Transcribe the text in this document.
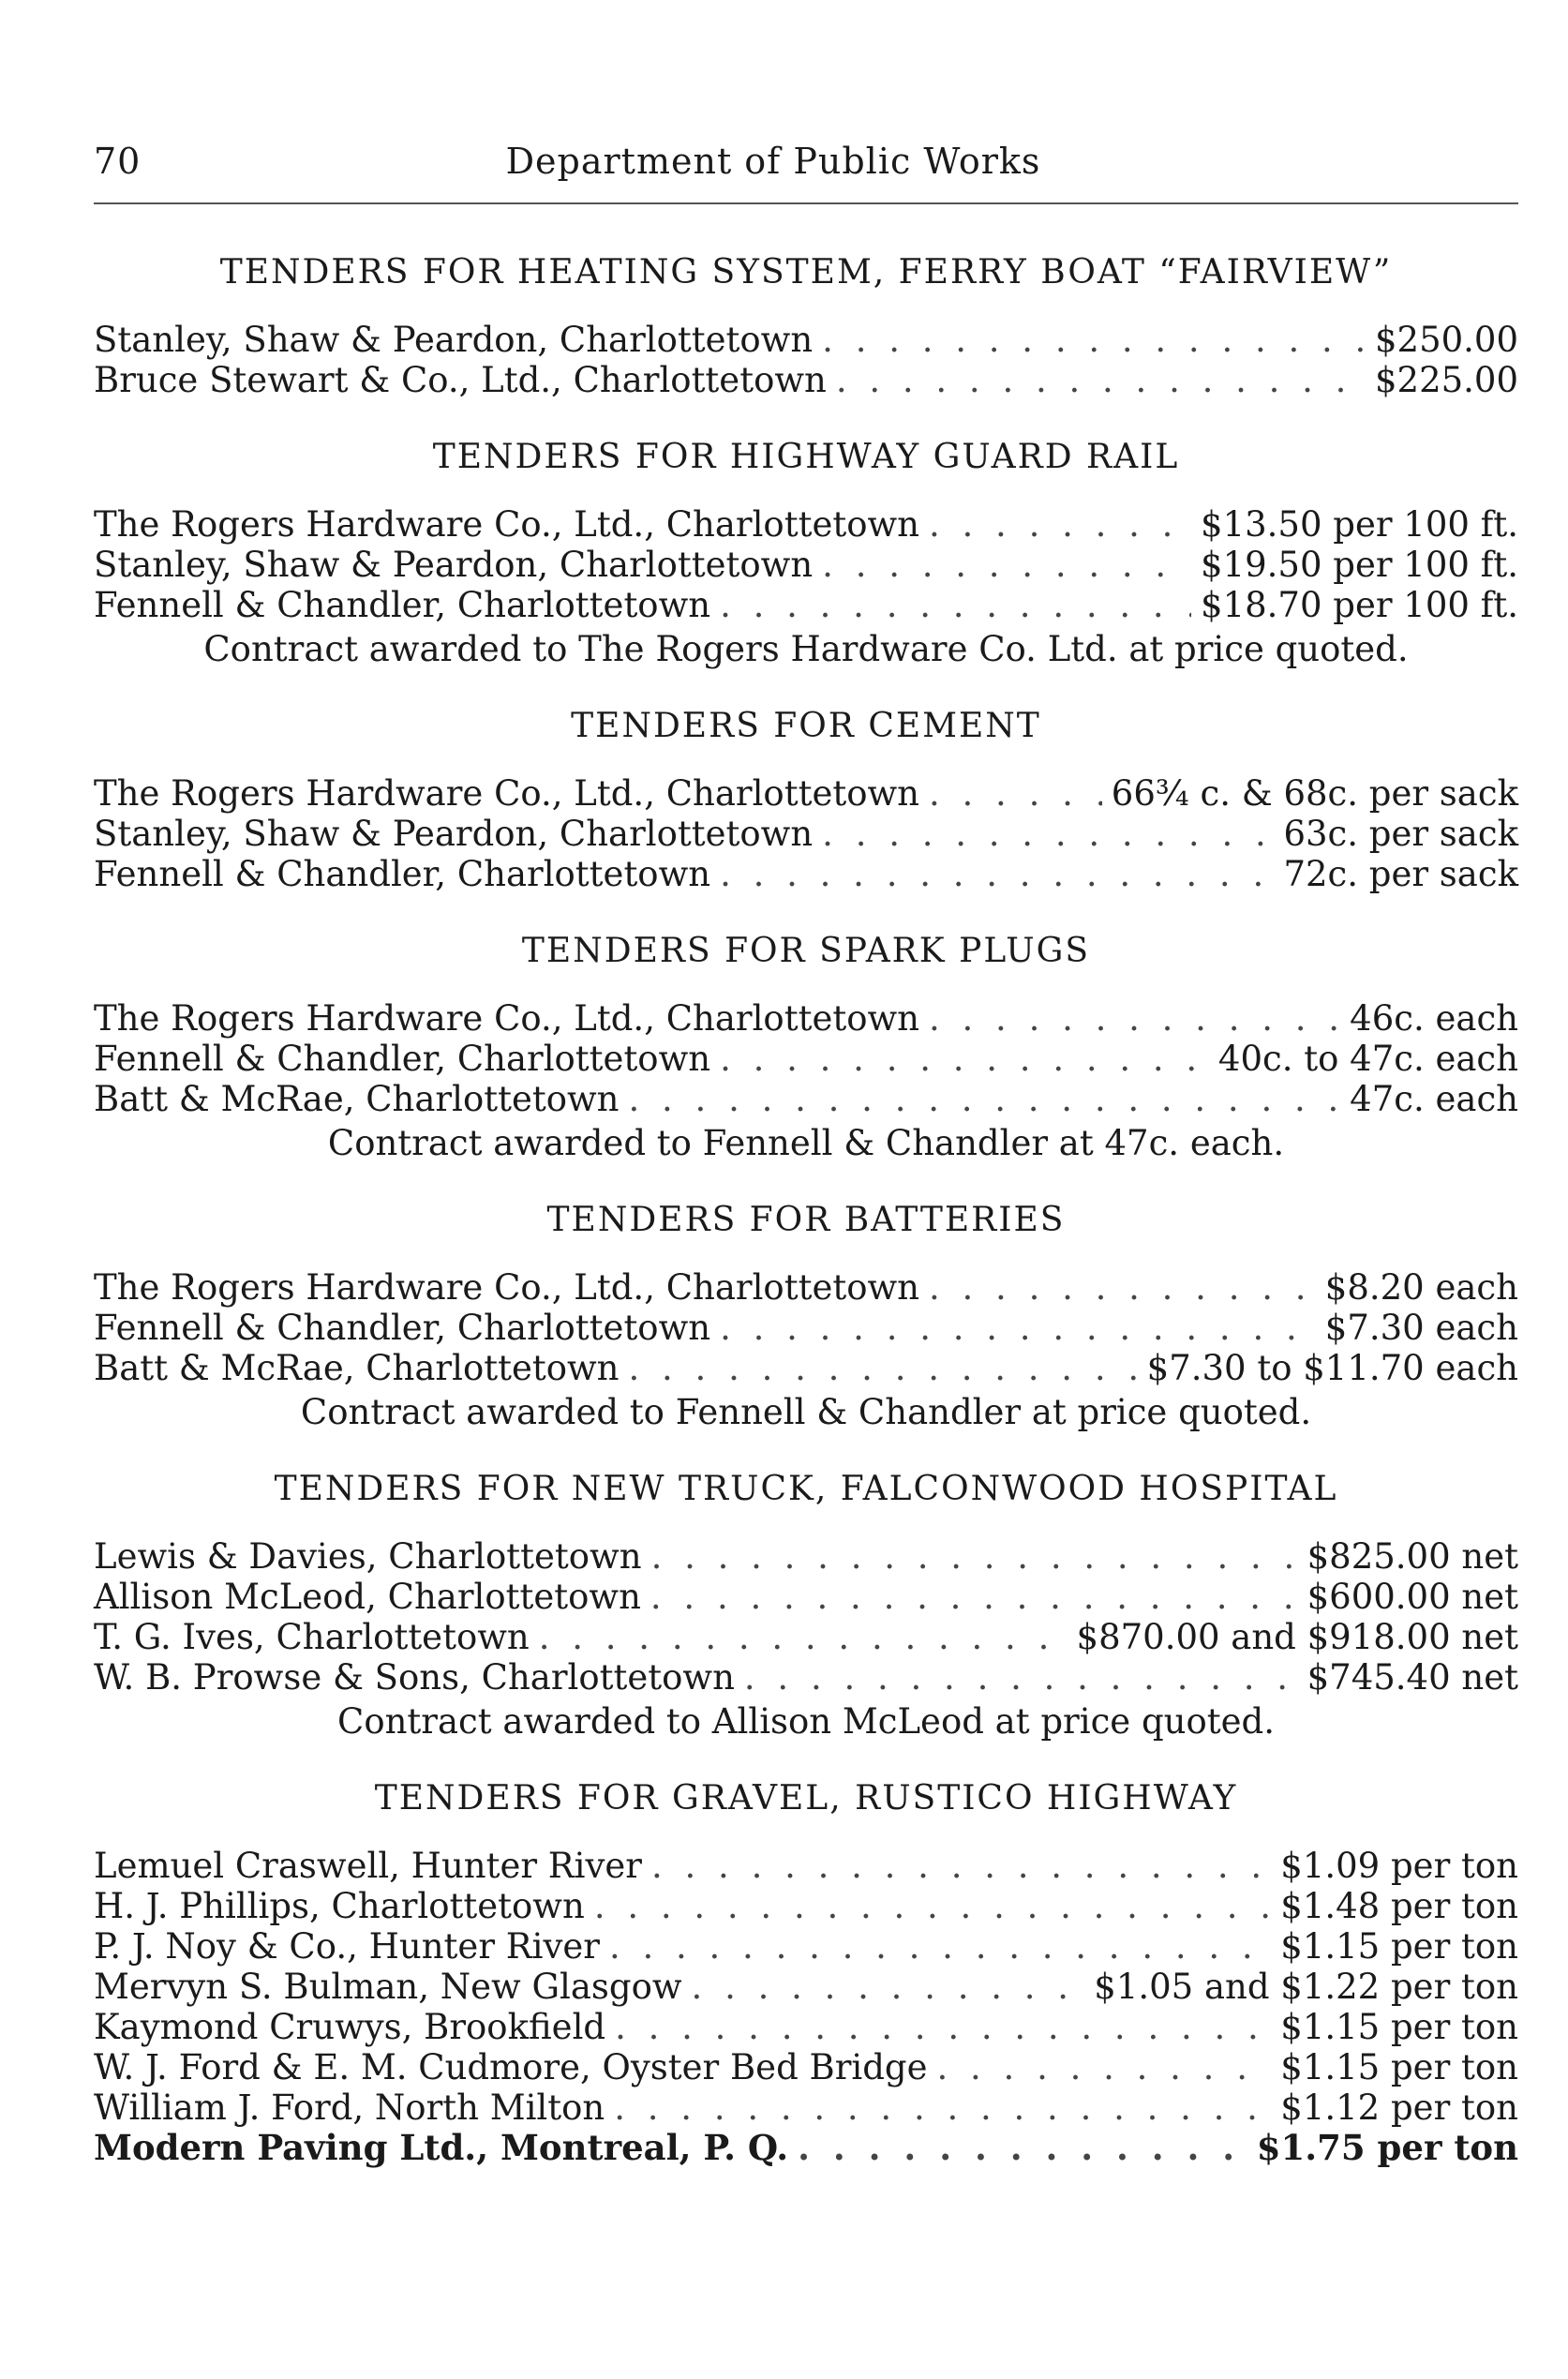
70	Department of Public Works
TENDERS FOR HEATING SYSTEM, FERRY BOAT “FAIRVIEW”
Stanley, Shaw & Peardon, Charlottetown . . .	$250.00
Bruce Stewart & Co., Ltd., Charlottetown . . .	$225.00
TENDERS FOR HIGHWAY GUARD RAIL
The Rogers Hardware Co., Ltd., Charlottetown . . .	$13.50 per 100 ft.
Stanley, Shaw & Peardon, Charlottetown . . .	$19.50 per 100 ft.
Fennell & Chandler, Charlottetown . . .	$18.70 per 100 ft.
Contract awarded to The Rogers Hardware Co. Ltd. at price quoted.
TENDERS FOR CEMENT
The Rogers Hardware Co., Ltd., Charlottetown . . .	66¾ c. & 68c. per sack
Stanley, Shaw & Peardon, Charlottetown . . .	63c. per sack
Fennell & Chandler, Charlottetown . . .	72c. per sack
TENDERS FOR SPARK PLUGS
The Rogers Hardware Co., Ltd., Charlottetown . . .	46c. each
Fennell & Chandler, Charlottetown . . .	40c. to 47c. each
Batt & McRae, Charlottetown . . .	47c. each
Contract awarded to Fennell & Chandler at 47c. each.
TENDERS FOR BATTERIES
The Rogers Hardware Co., Ltd., Charlottetown . . .	$8.20 each
Fennell & Chandler, Charlottetown . . .	$7.30 each
Batt & McRae, Charlottetown . . .	$7.30 to $11.70 each
Contract awarded to Fennell & Chandler at price quoted.
TENDERS FOR NEW TRUCK, FALCONWOOD HOSPITAL
Lewis & Davies, Charlottetown . . .	$825.00 net
Allison McLeod, Charlottetown . . .	$600.00 net
T. G. Ives, Charlottetown . . .	$870.00 and $918.00 net
W. B. Prowse & Sons, Charlottetown . . .	$745.40 net
Contract awarded to Allison McLeod at price quoted.
TENDERS FOR GRAVEL, RUSTICO HIGHWAY
Lemuel Craswell, Hunter River . . .	$1.09 per ton
H. J. Phillips, Charlottetown . . .	$1.48 per ton
P. J. Noy & Co., Hunter River . . .	$1.15 per ton
Mervyn S. Bulman, New Glasgow . . .	$1.05 and $1.22 per ton
Kaymond Cruwys, Brookfield . . .	$1.15 per ton
W. J. Ford & E. M. Cudmore, Oyster Bed Bridge . . .	$1.15 per ton
William J. Ford, North Milton . . .	$1.12 per ton
Modern Paving Ltd., Montreal, P. Q. . . .	$1.75 per ton
